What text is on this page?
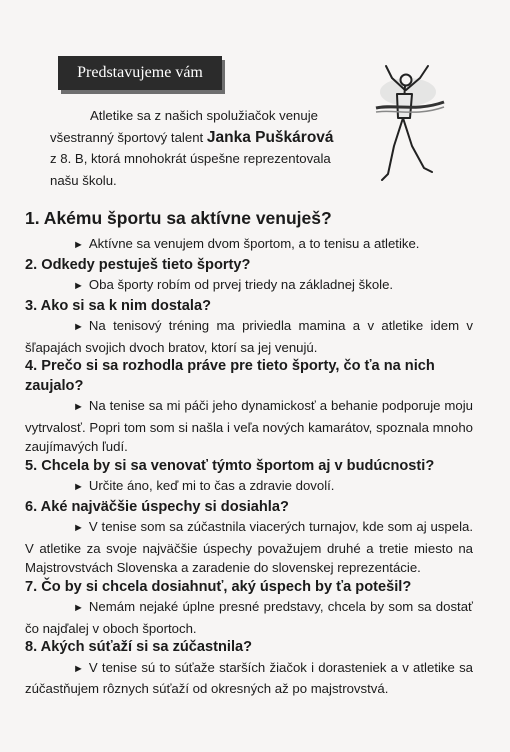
Predstavujeme vám
Atletike sa z našich spolužiačok venuje
všestranný športový talent Janka Puškárová
z 8. B, ktorá mnohokrát úspešne reprezentovala
našu školu.

1. Akému športu sa aktívne venuješ?

► Aktívne sa venujem dvom športom, a to tenisu a atletike.

2. Odkedy pestuješ tieto športy?

► Oba športy robím od prvej triedy na základnej škole.

3. Ako si sa k nim dostala?

► Na tenisový tréning ma priviedla mamina a v atletike idem v šľapajách svojich dvoch bratov, ktorí sa jej venujú.

4. Prečo si sa rozhodla práve pre tieto športy, čo ťa na nich zaujalo?

► Na tenise sa mi páči jeho dynamickosť a behanie podporuje moju vytrvalosť. Popri tom som si našla i veľa nových kamarátov, spoznala mnoho zaujímavých ľudí.

5. Chcela by si sa venovať týmto športom aj v budúcnosti?

► Určite áno, keď mi to čas a zdravie dovolí.

6. Aké najväčšie úspechy si dosiahla?

► V tenise som sa zúčastnila viacerých turnajov, kde som aj uspela. V atletike za svoje najväčšie úspechy považujem druhé a tretie miesto na Majstrovstvách Slovenska a zaradenie do slovenskej reprezentácie.

7. Čo by si chcela dosiahnuť, aký úspech by ťa potešil?

► Nemám nejaké úplne presné predstavy, chcela by som sa dostať čo najďalej v oboch športoch.

8. Akých súťaží si sa zúčastnila?

► V tenise sú to súťaže starších žiačok i dorasteniek a v atletike sa zúčastňujem rôznych súťaží od okresných až po majstrovstvá.
